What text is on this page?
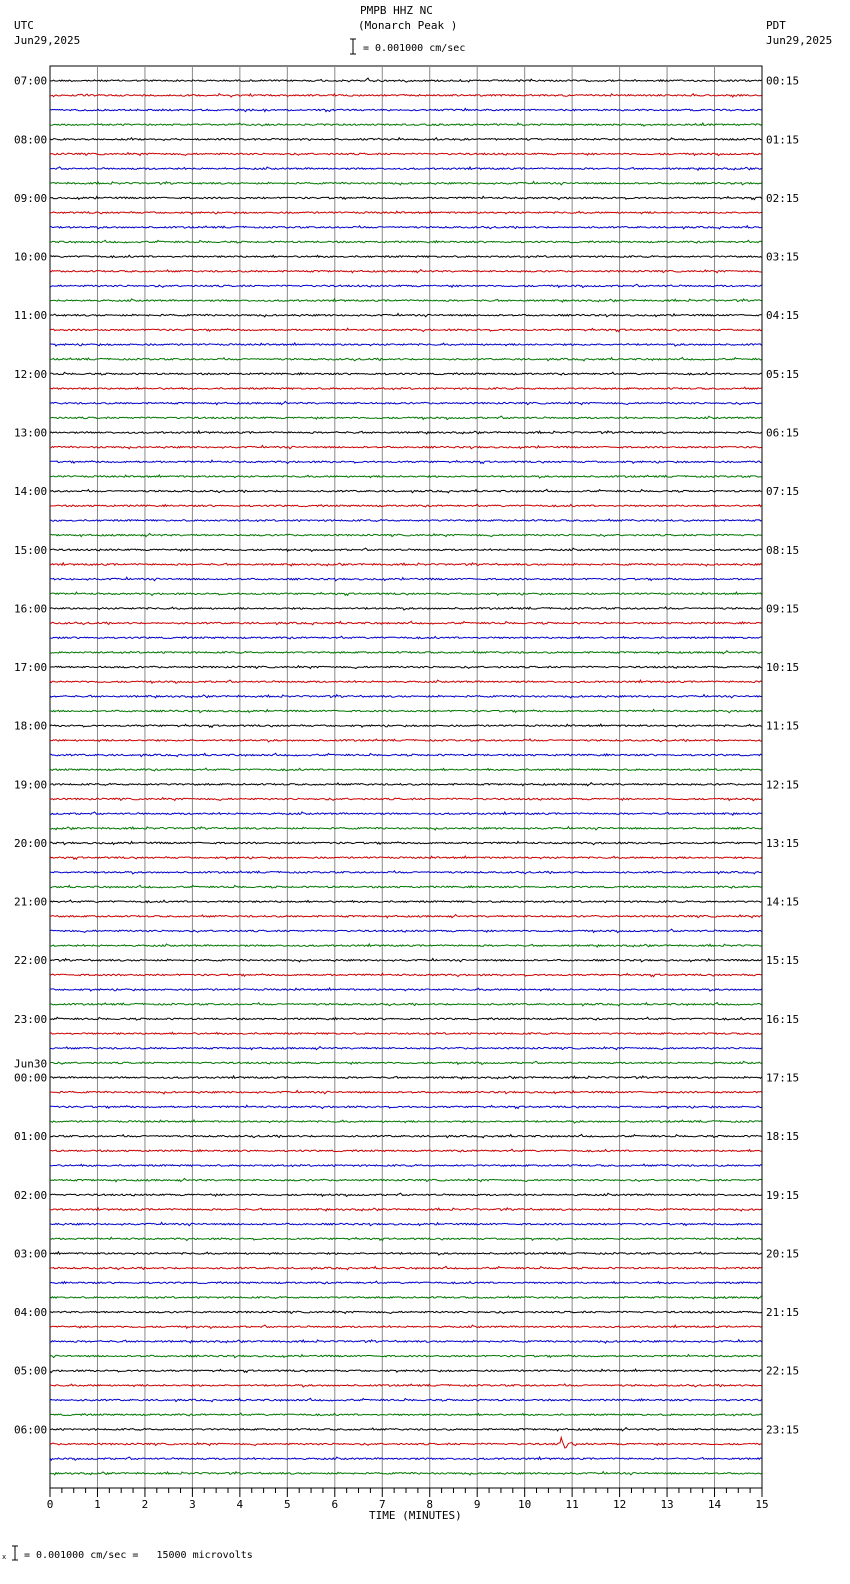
UTC
Jun29,2025
PMPB HHZ NC
(Monarch Peak )	PDT
Jun29,2025
= 0.001000 cm/sec
07:00
08:00
09:00
10:00
11:00
12:00
13:00
14:00
15:00
16:00
17:00
18:00
19:00
20:00
21:00
22:00
23:00
00:00
Jun30
01:00
02:00
03:00
04:00
05:00
06:00
00:15
01:15
02:15
03:15
04:15
05:15
06:15
07:15
08:15
09:15
10:15
11:15
12:15
13:15
14:15
15:15
16:15
17:15
18:15
19:15
20:15
21:15
22:15
23:15
0	1	2	3	4	5	6	7	8	9	10	11	12	13	14	15
TIME (MINUTES)
x = 0.001000 cm/sec =   15000 microvolts
